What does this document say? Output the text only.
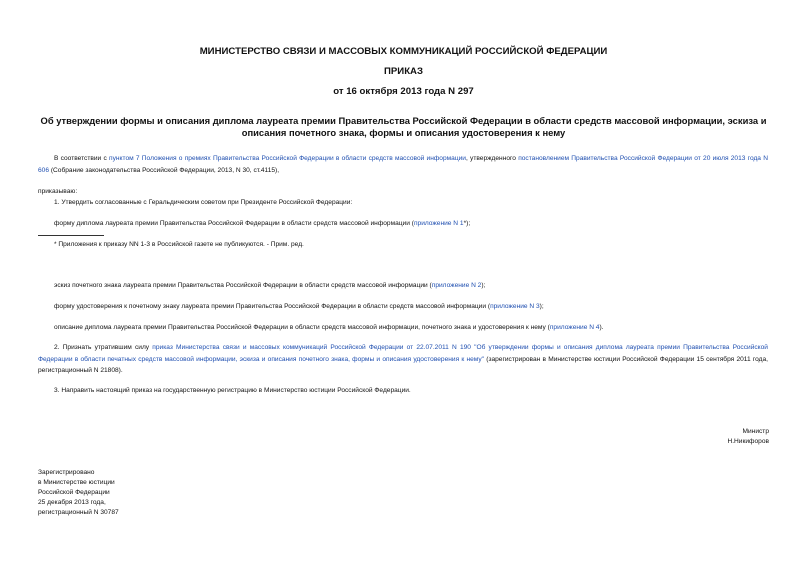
МИНИСТЕРСТВО СВЯЗИ И МАССОВЫХ КОММУНИКАЦИЙ РОССИЙСКОЙ ФЕДЕРАЦИИ
ПРИКАЗ
от 16 октября 2013 года N 297
Об утверждении формы и описания диплома лауреата премии Правительства Российской Федерации в области средств массовой информации, эскиза и описания почетного знака, формы и описания удостоверения к нему
В соответствии с пунктом 7 Положения о премиях Правительства Российской Федерации в области средств массовой информации, утвержденного постановлением Правительства Российской Федерации от 20 июля 2013 года N 606 (Собрание законодательства Российской Федерации, 2013, N 30, ст.4115),
приказываю:
1. Утвердить согласованные с Геральдическим советом при Президенте Российской Федерации:
форму диплома лауреата премии Правительства Российской Федерации в области средств массовой информации (приложение N 1*);
* Приложения к приказу NN 1-3 в Российской газете не публикуются. - Прим. ред.
эскиз почетного знака лауреата премии Правительства Российской Федерации в области средств массовой информации (приложение N 2);
форму удостоверения к почетному знаку лауреата премии Правительства Российской Федерации в области средств массовой информации (приложение N 3);
описание диплома лауреата премии Правительства Российской Федерации в области средств массовой информации, почетного знака и удостоверения к нему (приложение N 4).
2. Признать утратившим силу приказ Министерства связи и массовых коммуникаций Российской Федерации от 22.07.2011 N 190 "Об утверждении формы и описания диплома лауреата премии Правительства Российской Федерации в области печатных средств массовой информации, эскиза и описания почетного знака, формы и описания удостоверения к нему" (зарегистрирован в Министерстве юстиции Российской Федерации 15 сентября 2011 года, регистрационный N 21808).
3. Направить настоящий приказ на государственную регистрацию в Министерство юстиции Российской Федерации.
Министр
Н.Никифоров
Зарегистрировано
в Министерстве юстиции
Российской Федерации
25 декабря 2013 года,
регистрационный N 30787
